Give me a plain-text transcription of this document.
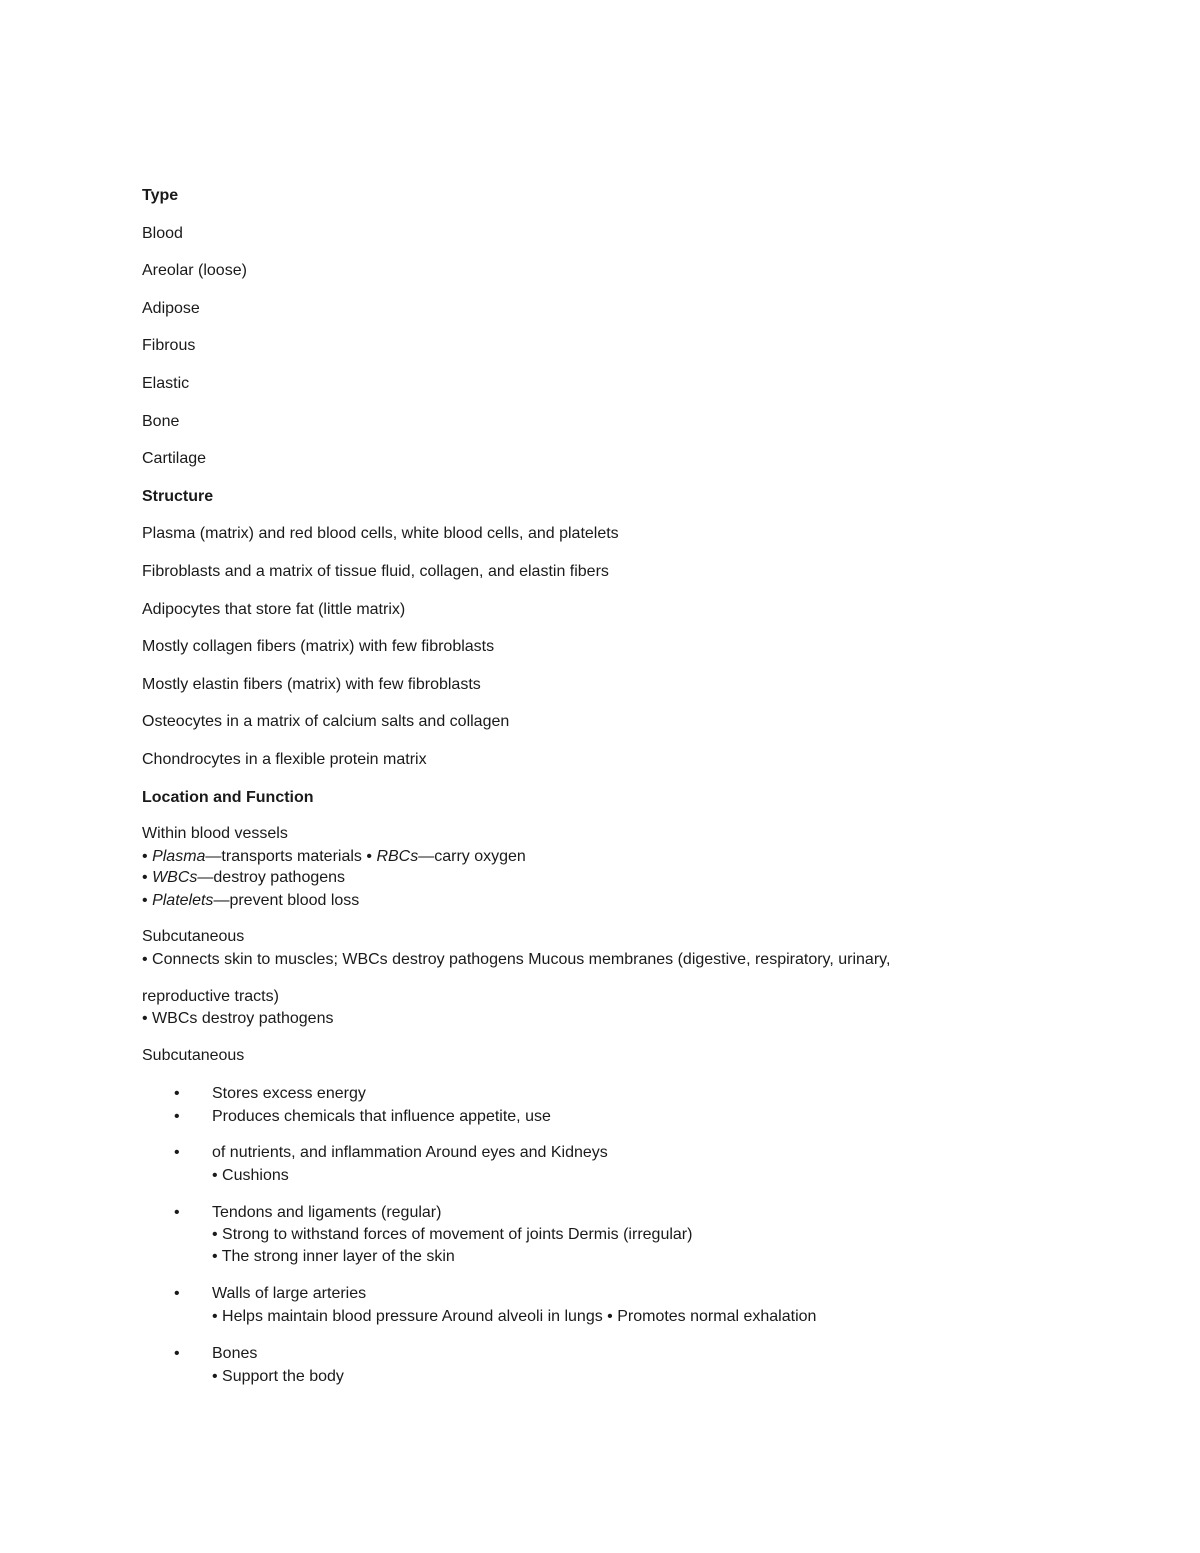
Type
Blood
Areolar (loose)
Adipose
Fibrous
Elastic
Bone
Cartilage
Structure
Plasma (matrix) and red blood cells, white blood cells, and platelets
Fibroblasts and a matrix of tissue fluid, collagen, and elastin fibers
Adipocytes that store fat (little matrix)
Mostly collagen fibers (matrix) with few fibroblasts
Mostly elastin fibers (matrix) with few fibroblasts
Osteocytes in a matrix of calcium salts and collagen
Chondrocytes in a flexible protein matrix
Location and Function
Within blood vessels
• Plasma—transports materials • RBCs—carry oxygen
• WBCs—destroy pathogens
• Platelets—prevent blood loss
Subcutaneous
• Connects skin to muscles; WBCs destroy pathogens Mucous membranes (digestive, respiratory, urinary,
reproductive tracts)
• WBCs destroy pathogens
Subcutaneous
• Stores excess energy
• Produces chemicals that influence appetite, use
• of nutrients, and inflammation Around eyes and Kidneys
• Cushions
• Tendons and ligaments (regular)
• Strong to withstand forces of movement of joints Dermis (irregular)
• The strong inner layer of the skin
• Walls of large arteries
• Helps maintain blood pressure Around alveoli in lungs • Promotes normal exhalation
• Bones
• Support the body
